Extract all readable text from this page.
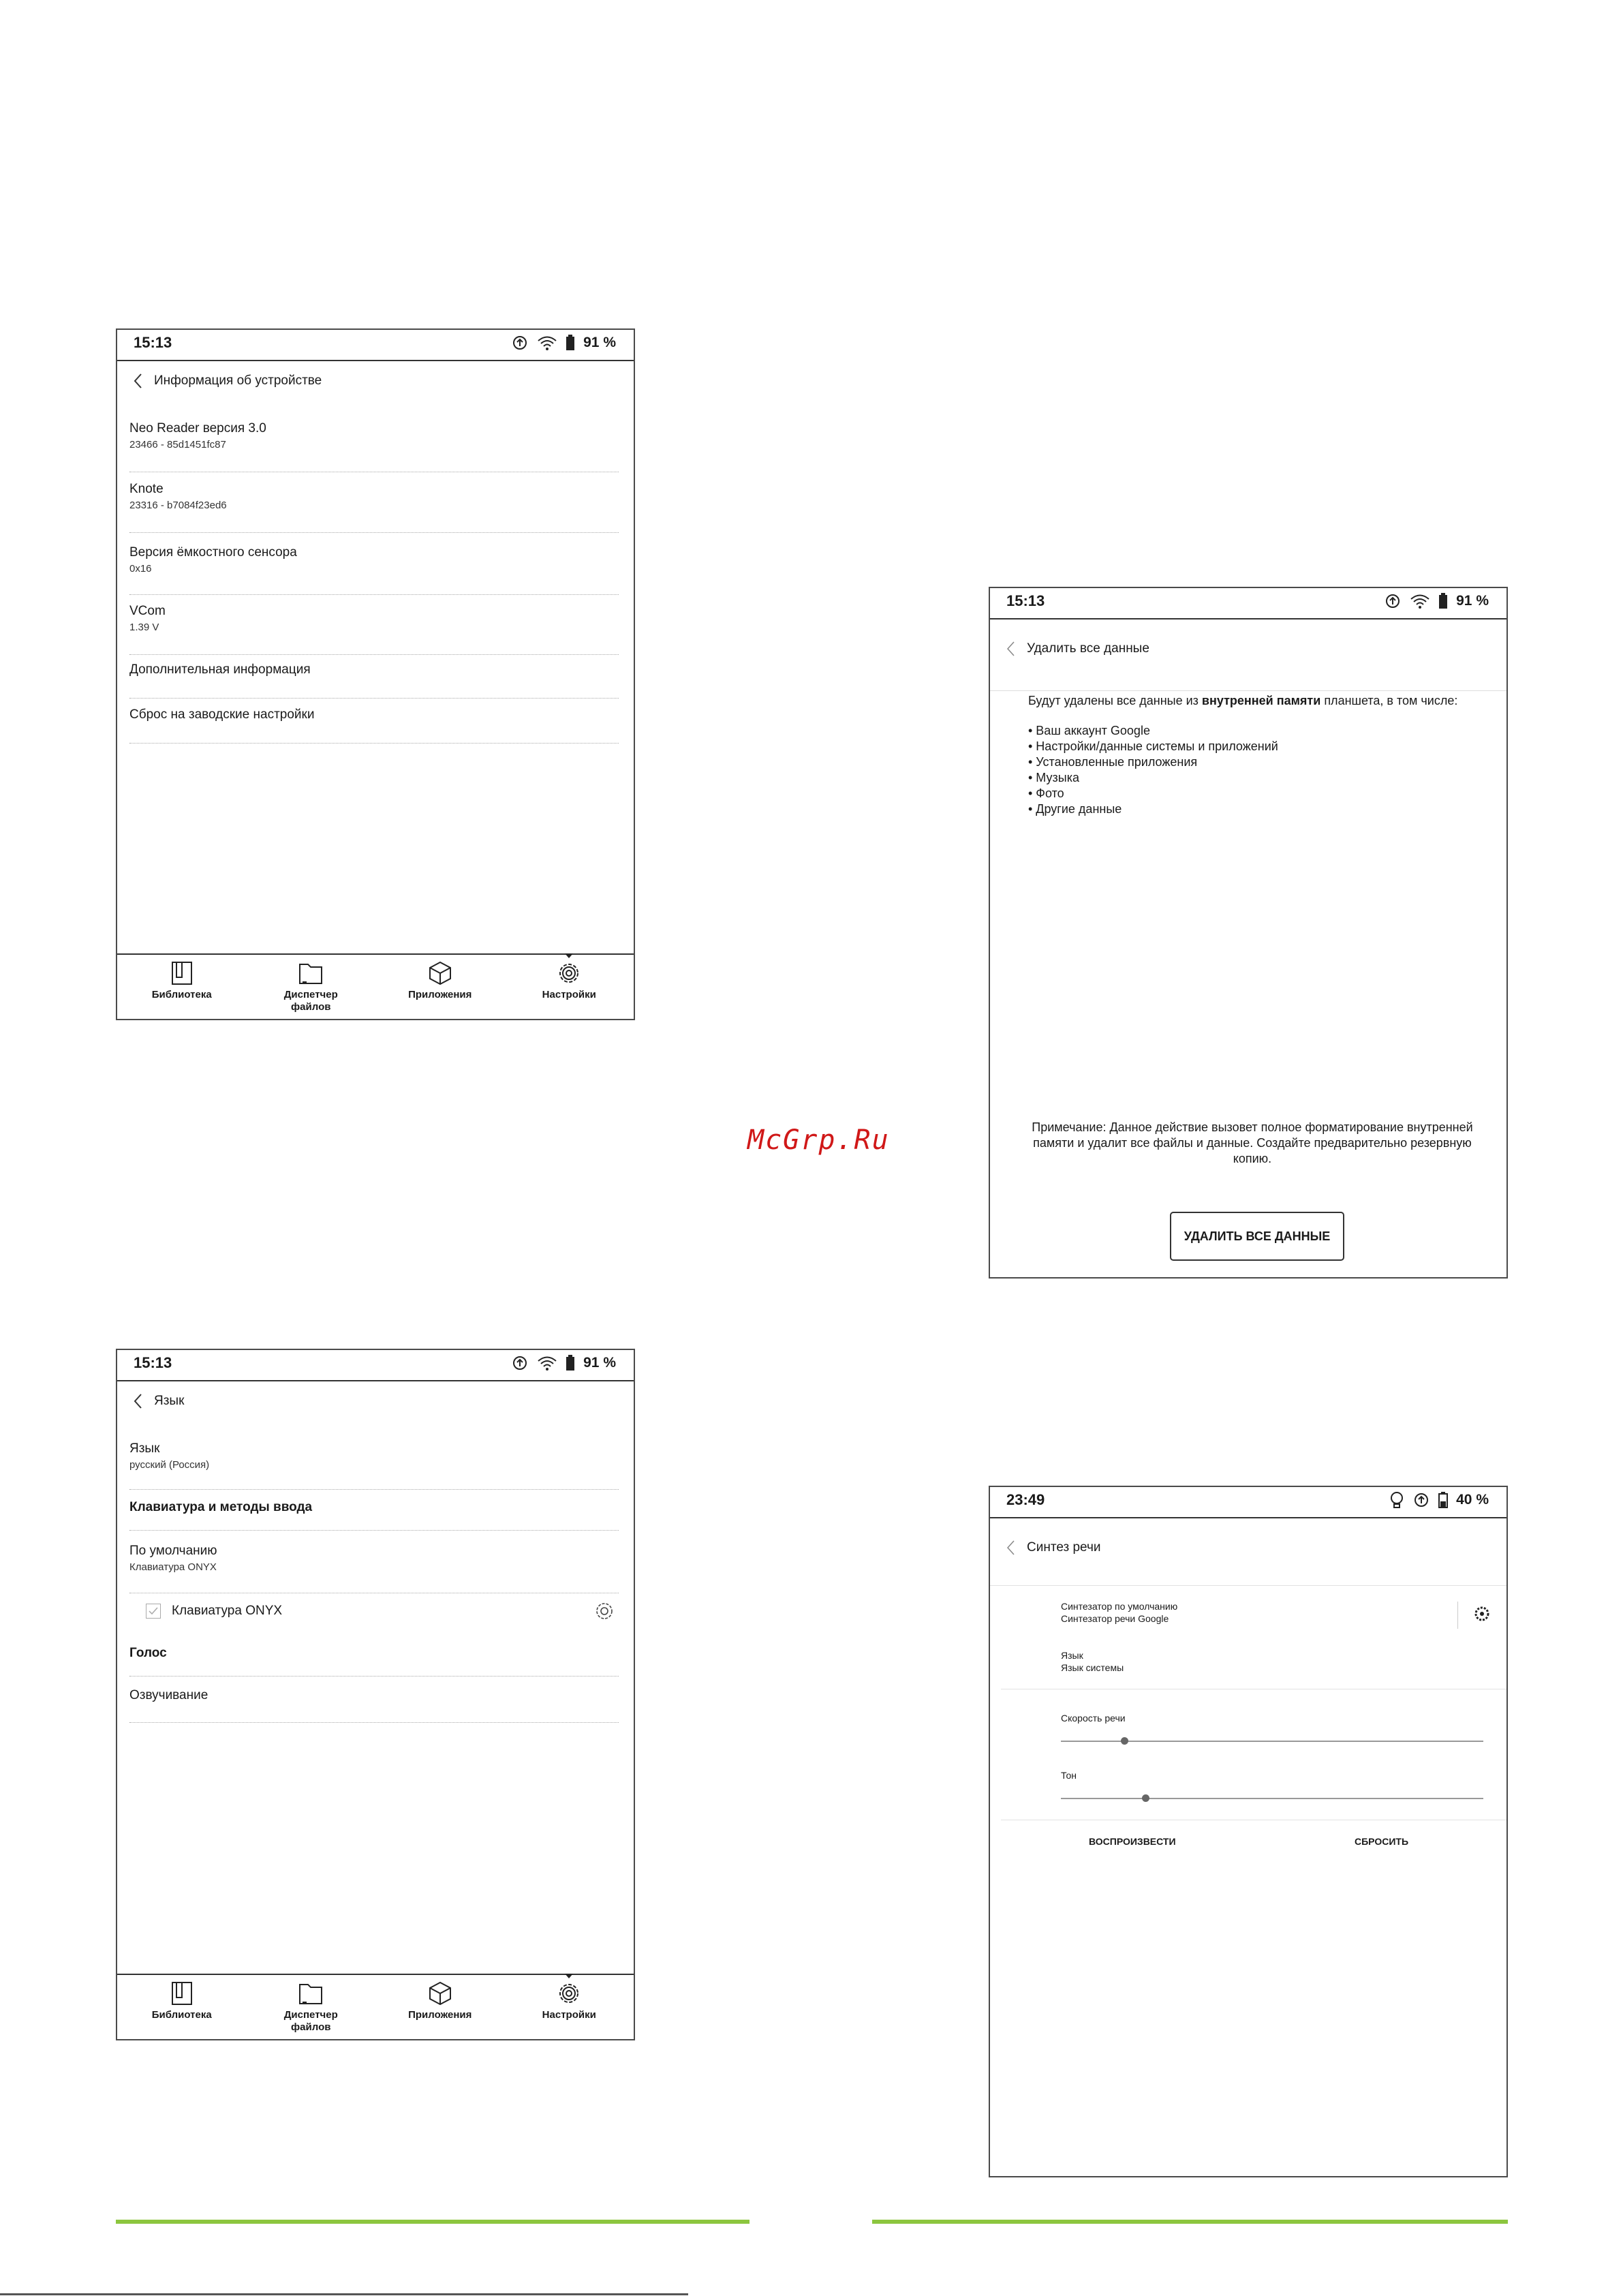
15:13	91 %
Информация об устройстве
Neo Reader версия 3.0
23466 - 85d1451fc87
Knote
23316 - b7084f23ed6
Версия ёмкостного сенсора
0x16
VCom
1.39 V
Дополнительная информация
Сброс на заводские настройки
Библиотека	Диспетчер
файлов
Приложения	Настройки
15:13	91 %
Язык
Язык
русский (Россия)
Клавиатура и методы ввода
По умолчанию
Клавиатура ONYX
Клавиатура ONYX
Голос
Озвучивание
Библиотека	Диспетчер
файлов
Приложения	Настройки
15:13	91 %
Удалить все данные
Будут удалены все данные из внутренней памяти планшета, в том числе:
• Ваш аккаунт Google
• Настройки/данные системы и приложений
• Установленные приложения
• Музыка
• Фото
• Другие данные
Примечание: Данное действие вызовет полное форматирование внутренней
памяти и удалит все файлы и данные. Создайте предварительно резервную
копию.
УДАЛИТЬ ВСЕ ДАННЫЕ
23:49	40 %
Синтез речи
Синтезатор по умолчанию
Синтезатор речи Google
Язык
Язык системы
Скорость речи
Тон
ВОСПРОИЗВЕСТИ	СБРОСИТЬ
McGrp.Ru
